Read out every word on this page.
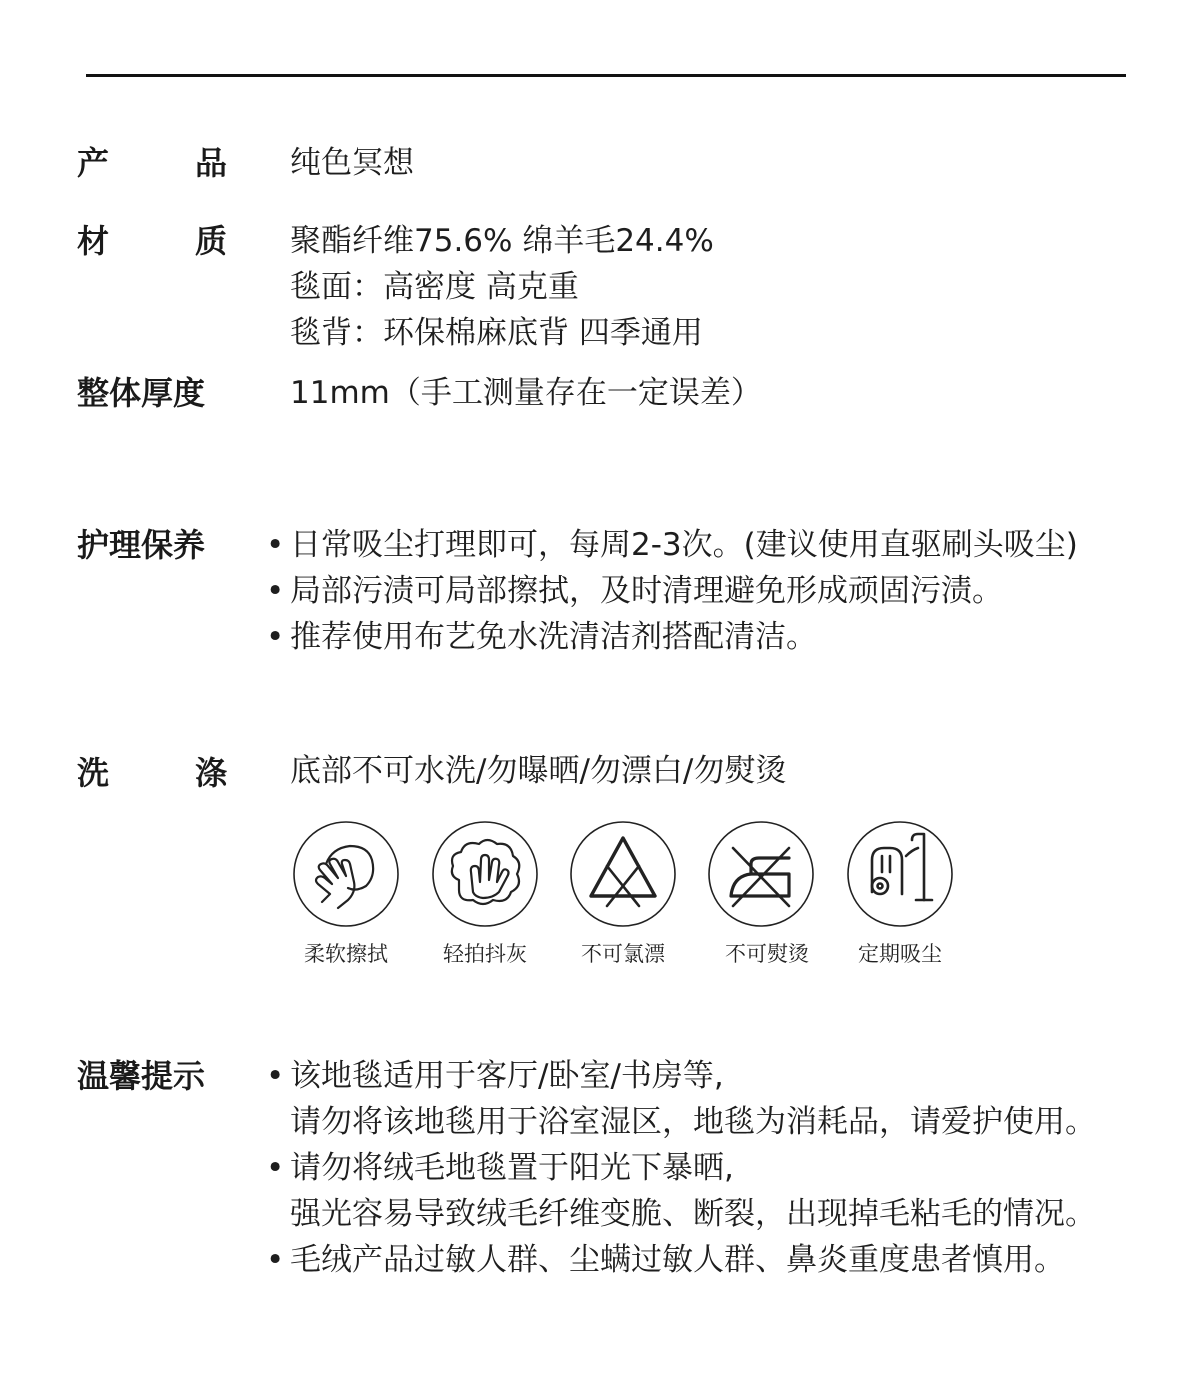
产	品 纯色冥想
材	质 聚酯纤维75.6% 绵羊毛24.4%
毯面：高密度 高克重
毯背：环保棉麻底背 四季通用
整体厚度	11mm（手工测量存在一定误差）
护理保养	• 日常吸尘打理即可，每周2-3次。(建议使用直驱刷头吸尘)
• 局部污渍可局部擦拭，及时清理避免形成顽固污渍。
• 推荐使用布艺免水洗清洁剂搭配清洁。
洗	涤 底部不可水洗/勿曝晒/勿漂白/勿熨烫
柔软擦拭	轻拍抖灰	不可氯漂	不可熨烫	定期吸尘
温馨提示	• 该地毯适用于客厅/卧室/书房等,
请勿将该地毯用于浴室湿区，地毯为消耗品，请爱护使用。
• 请勿将绒毛地毯置于阳光下暴晒,
强光容易导致绒毛纤维变脆、断裂，出现掉毛粘毛的情况。
• 毛绒产品过敏人群、尘螨过敏人群、鼻炎重度患者慎用。
